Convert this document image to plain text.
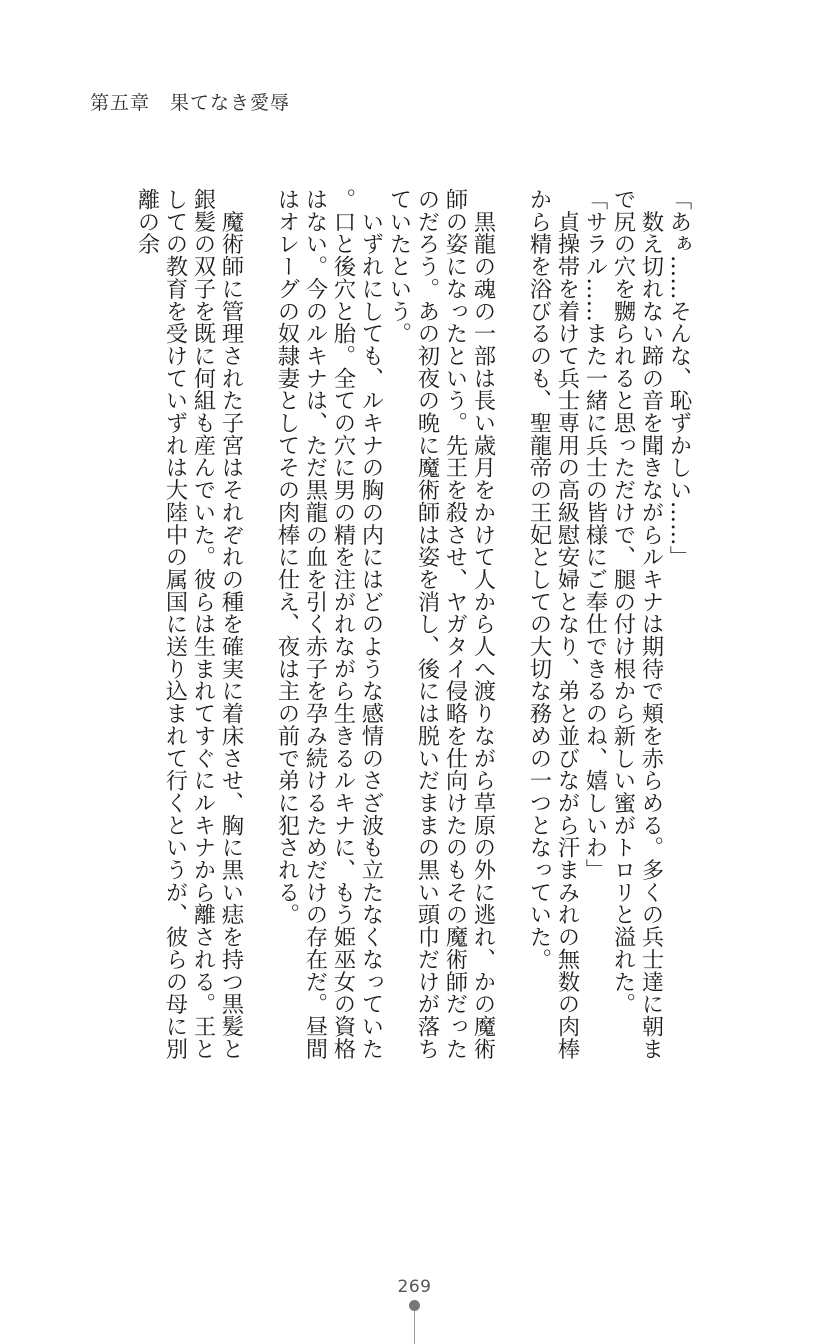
第五章　果てなき愛辱

「あぁ……そんな、恥ずかしい……」

　数え切れない蹄の音を聞きながらルキナは期待で頬を赤らめる。多くの兵士達に朝まで尻の穴を嬲られると思っただけで、腿の付け根から新しい蜜がトロリと溢れた。

「サラル……また一緒に兵士の皆様にご奉仕できるのね、嬉しいわ」

　貞操帯を着けて兵士専用の高級慰安婦となり、弟と並びながら汗まみれの無数の肉棒から精を浴びるのも、聖龍帝の王妃としての大切な務めの一つとなっていた。

　黒龍の魂の一部は長い歳月をかけて人から人へ渡りながら草原の外に逃れ、かの魔術師の姿になったという。先王を殺させ、ヤガタイ侵略を仕向けたのもその魔術師だったのだろう。あの初夜の晩に魔術師は姿を消し、後には脱いだままの黒い頭巾だけが落ちていたという。

　いずれにしても、ルキナの胸の内にはどのような感情のさざ波も立たなくなっていた。口と後穴と胎。全ての穴に男の精を注がれながら生きるルキナに、もう姫巫女の資格はない。今のルキナは、ただ黒龍の血を引く赤子を孕み続けるためだけの存在だ。昼間はオレーグの奴隷妻としてその肉棒に仕え、夜は主の前で弟に犯される。

　魔術師に管理された子宮はそれぞれの種を確実に着床させ、胸に黒い痣を持つ黒髪と銀髪の双子を既に何組も産んでいた。彼らは生まれてすぐにルキナから離される。王としての教育を受けていずれは大陸中の属国に送り込まれて行くというが、彼らの母に別離の余

269
